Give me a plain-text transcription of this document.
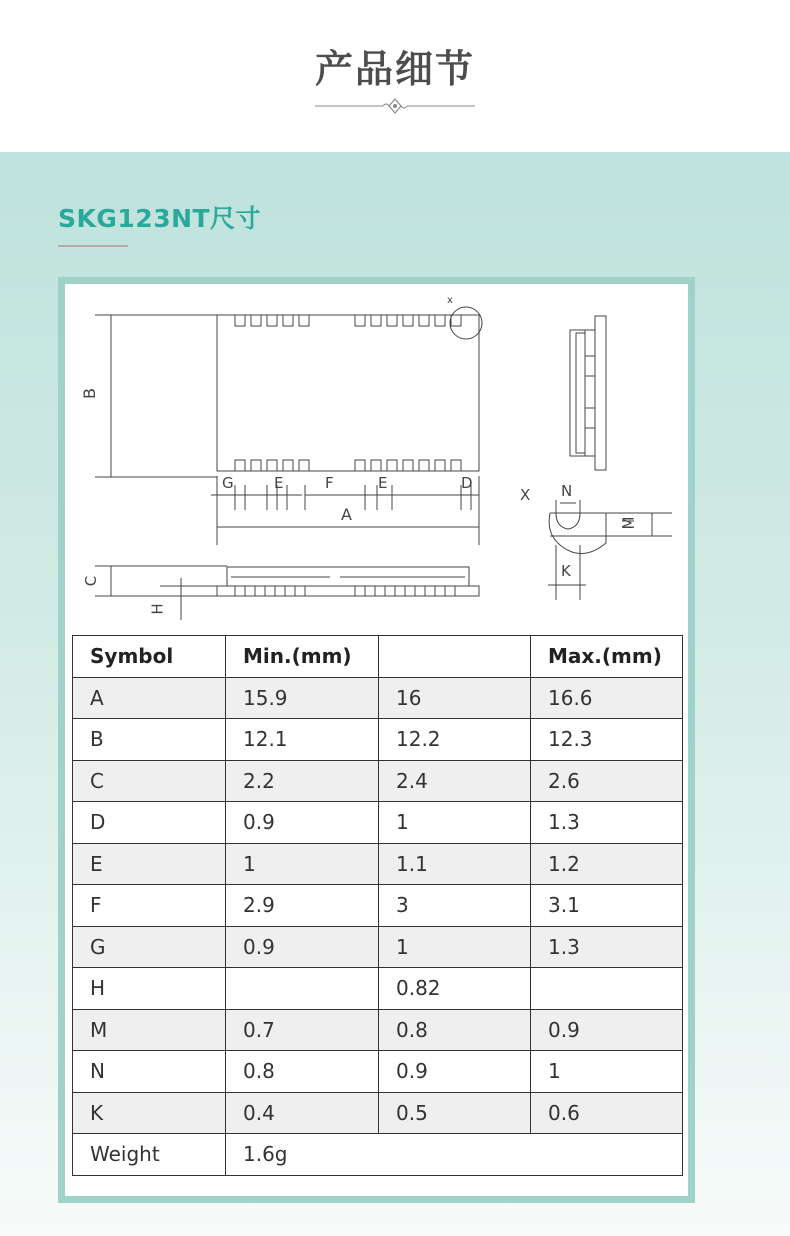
产品细节
SKG123NT尺寸
B
A
G	E	F	E	D
x
X N
M
K
C
H
Symbol	Min.(mm)		Max.(mm)
A	15.9	16	16.6
B	12.1	12.2	12.3
C	2.2	2.4	2.6
D	0.9	1	1.3
E	1	1.1	1.2
F	2.9	3	3.1
G	0.9	1	1.3
H		0.82	
M	0.7	0.8	0.9
N	0.8	0.9	1
K	0.4	0.5	0.6
Weight	1.6g		
